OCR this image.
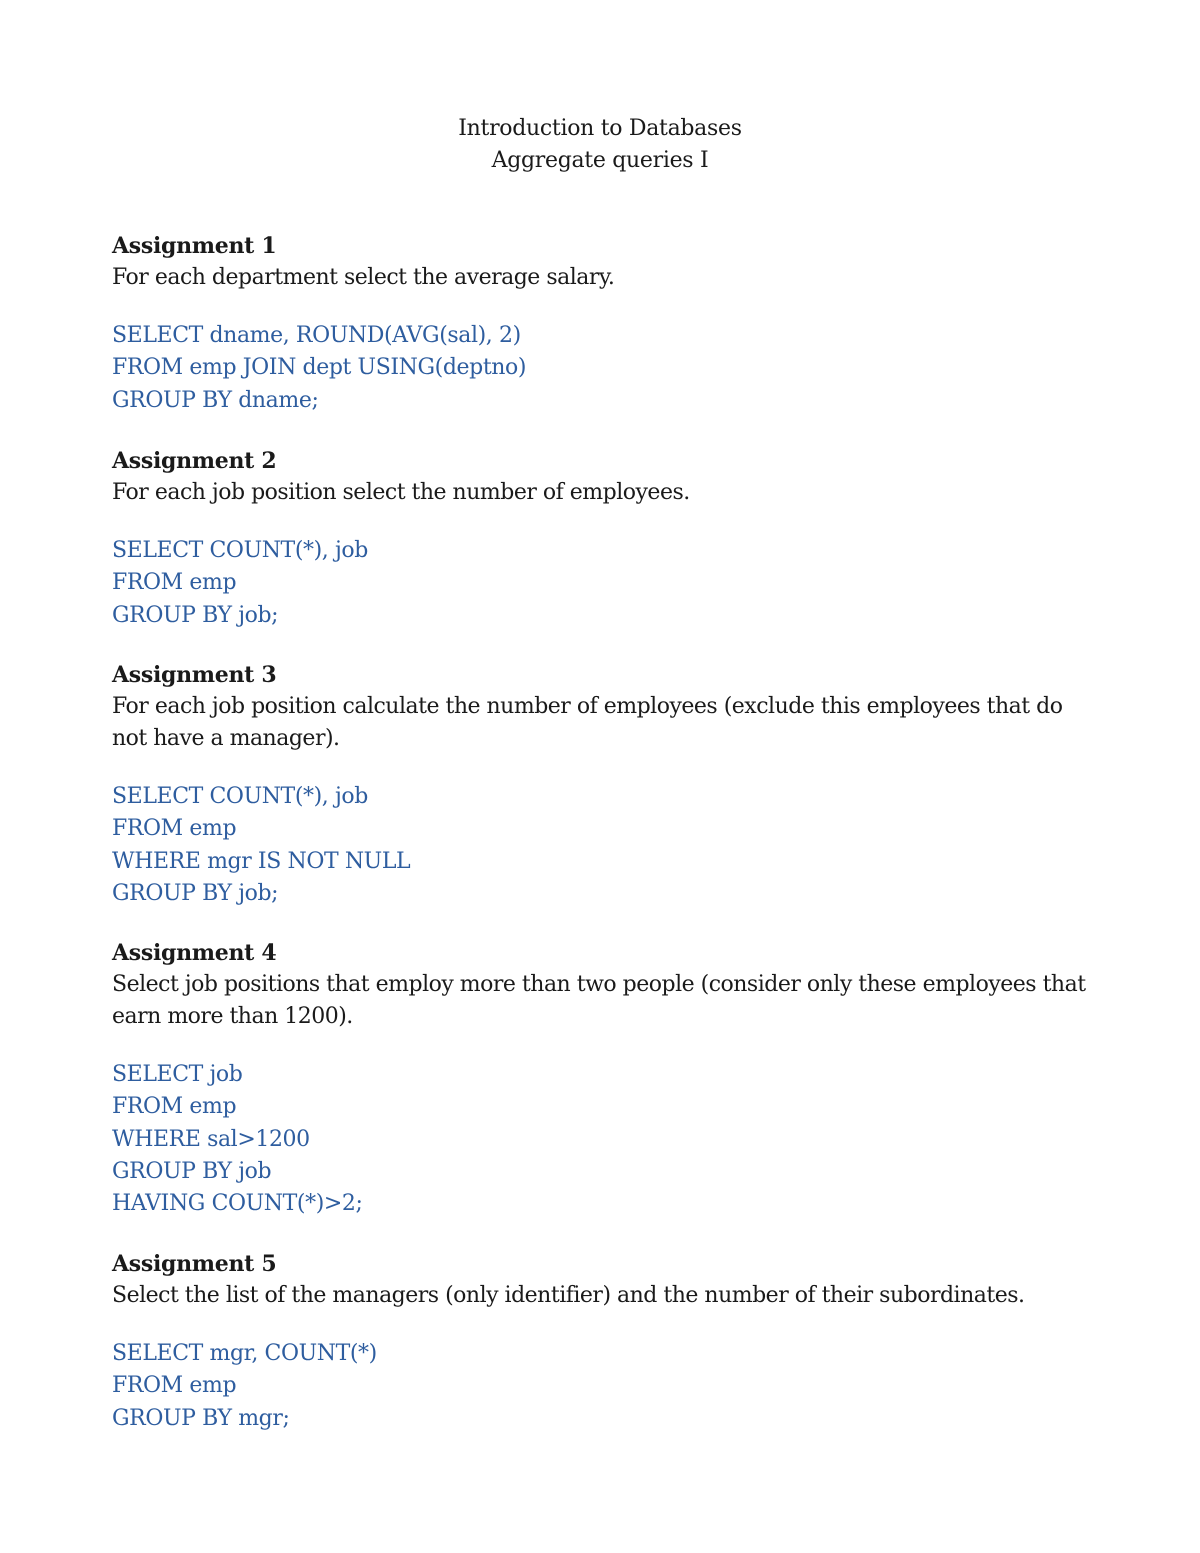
Introduction to Databases
Aggregate queries I
Assignment 1

For each department select the average salary.

SELECT dname, ROUND(AVG(sal), 2)
FROM emp JOIN dept USING(deptno)
GROUP BY dname;
Assignment 2

For each job position select the number of employees.

SELECT COUNT(*), job
FROM emp
GROUP BY job;
Assignment 3

For each job position calculate the number of employees (exclude this employees that do not have a manager).

SELECT COUNT(*), job
FROM emp
WHERE mgr IS NOT NULL
GROUP BY job;
Assignment 4

Select job positions that employ more than two people (consider only these employees that earn more than 1200).

SELECT job
FROM emp
WHERE sal>1200
GROUP BY job
HAVING COUNT(*)>2;
Assignment 5

Select the list of the managers (only identifier) and the number of their subordinates.

SELECT mgr, COUNT(*)
FROM emp
GROUP BY mgr;
